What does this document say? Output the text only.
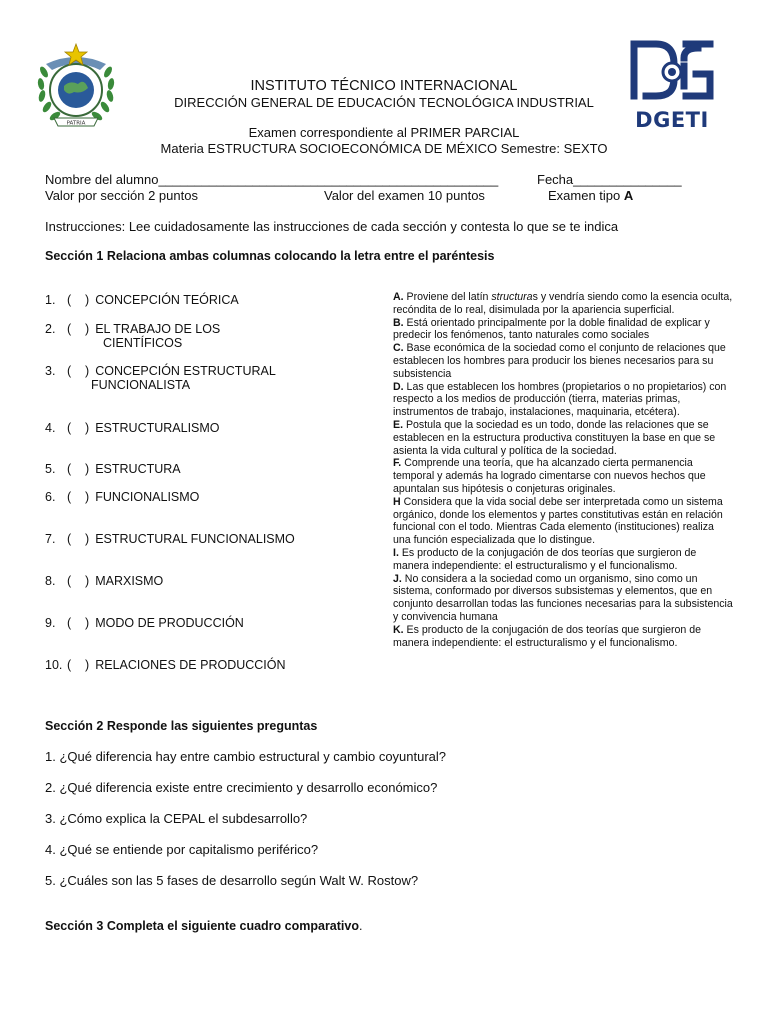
PATRIA	DGETI
INSTITUTO TÉCNICO INTERNACIONAL
DIRECCIÓN GENERAL DE EDUCACIÓN TECNOLÓGICA INDUSTRIAL
Examen correspondiente al PRIMER PARCIAL
Materia ESTRUCTURA SOCIOECONÓMICA DE MÉXICO Semestre: SEXTO
Nombre del alumno_______________________________________________	Fecha_______________
Valor por sección 2 puntos	Valor del examen 10 puntos	Examen tipo A
Instrucciones: Lee cuidadosamente las instrucciones de cada sección y contesta lo que se te indica
Sección 1 Relaciona ambas columnas colocando la letra entre el paréntesis
1. (    ) CONCEPCIÓN TEÓRICA
2. (    ) EL TRABAJO DE LOS
CIENTÍFICOS
3. (    ) CONCEPCIÓN ESTRUCTURAL
FUNCIONALISTA
4. (    ) ESTRUCTURALISMO
5. (    ) ESTRUCTURA
6. (    ) FUNCIONALISMO
7. (    ) ESTRUCTURAL FUNCIONALISMO
8. (    ) MARXISMO
9. (    ) MODO DE PRODUCCIÓN
10. (    ) RELACIONES DE PRODUCCIÓN
A. Proviene del latín structuras y vendría siendo como la esencia oculta, recóndita de lo real, disimulada por la apariencia superficial.
B. Está orientado principalmente por la doble finalidad de explicar y predecir los fenómenos, tanto naturales como sociales
C. Base económica de la sociedad como el conjunto de relaciones que establecen los hombres para producir los bienes necesarios para su subsistencia
D. Las que establecen los hombres (propietarios o no propietarios) con respecto a los medios de producción (tierra, materias primas, instrumentos de trabajo, instalaciones, maquinaria, etcétera).
E. Postula que la sociedad es un todo, donde las relaciones que se establecen en la estructura productiva constituyen la base en que se asienta la vida cultural y política de la sociedad.
F. Comprende una teoría, que ha alcanzado cierta permanencia temporal y además ha logrado cimentarse con nuevos hechos que apuntalan sus hipótesis o conjeturas originales.
H Considera que la vida social debe ser interpretada como un sistema orgánico, donde los elementos y partes constitutivas están en relación funcional con el todo. Mientras Cada elemento (instituciones) realiza una función especializada que lo distingue.
I. Es producto de la conjugación de dos teorías que surgieron de manera independiente: el estructuralismo y el funcionalismo.
J. No considera a la sociedad como un organismo, sino como un sistema, conformado por diversos subsistemas y elementos, que en conjunto desarrollan todas las funciones necesarias para la subsistencia y convivencia humana
K. Es producto de la conjugación de dos teorías que surgieron de manera independiente: el estructuralismo y el funcionalismo.
Sección 2 Responde las siguientes preguntas
1. ¿Qué diferencia hay entre cambio estructural y cambio coyuntural?
2. ¿Qué diferencia existe entre crecimiento y desarrollo económico?
3. ¿Cómo explica la CEPAL el subdesarrollo?
4. ¿Qué se entiende por capitalismo periférico?
5. ¿Cuáles son las 5 fases de desarrollo según Walt W. Rostow?
Sección 3 Completa el siguiente cuadro comparativo.
